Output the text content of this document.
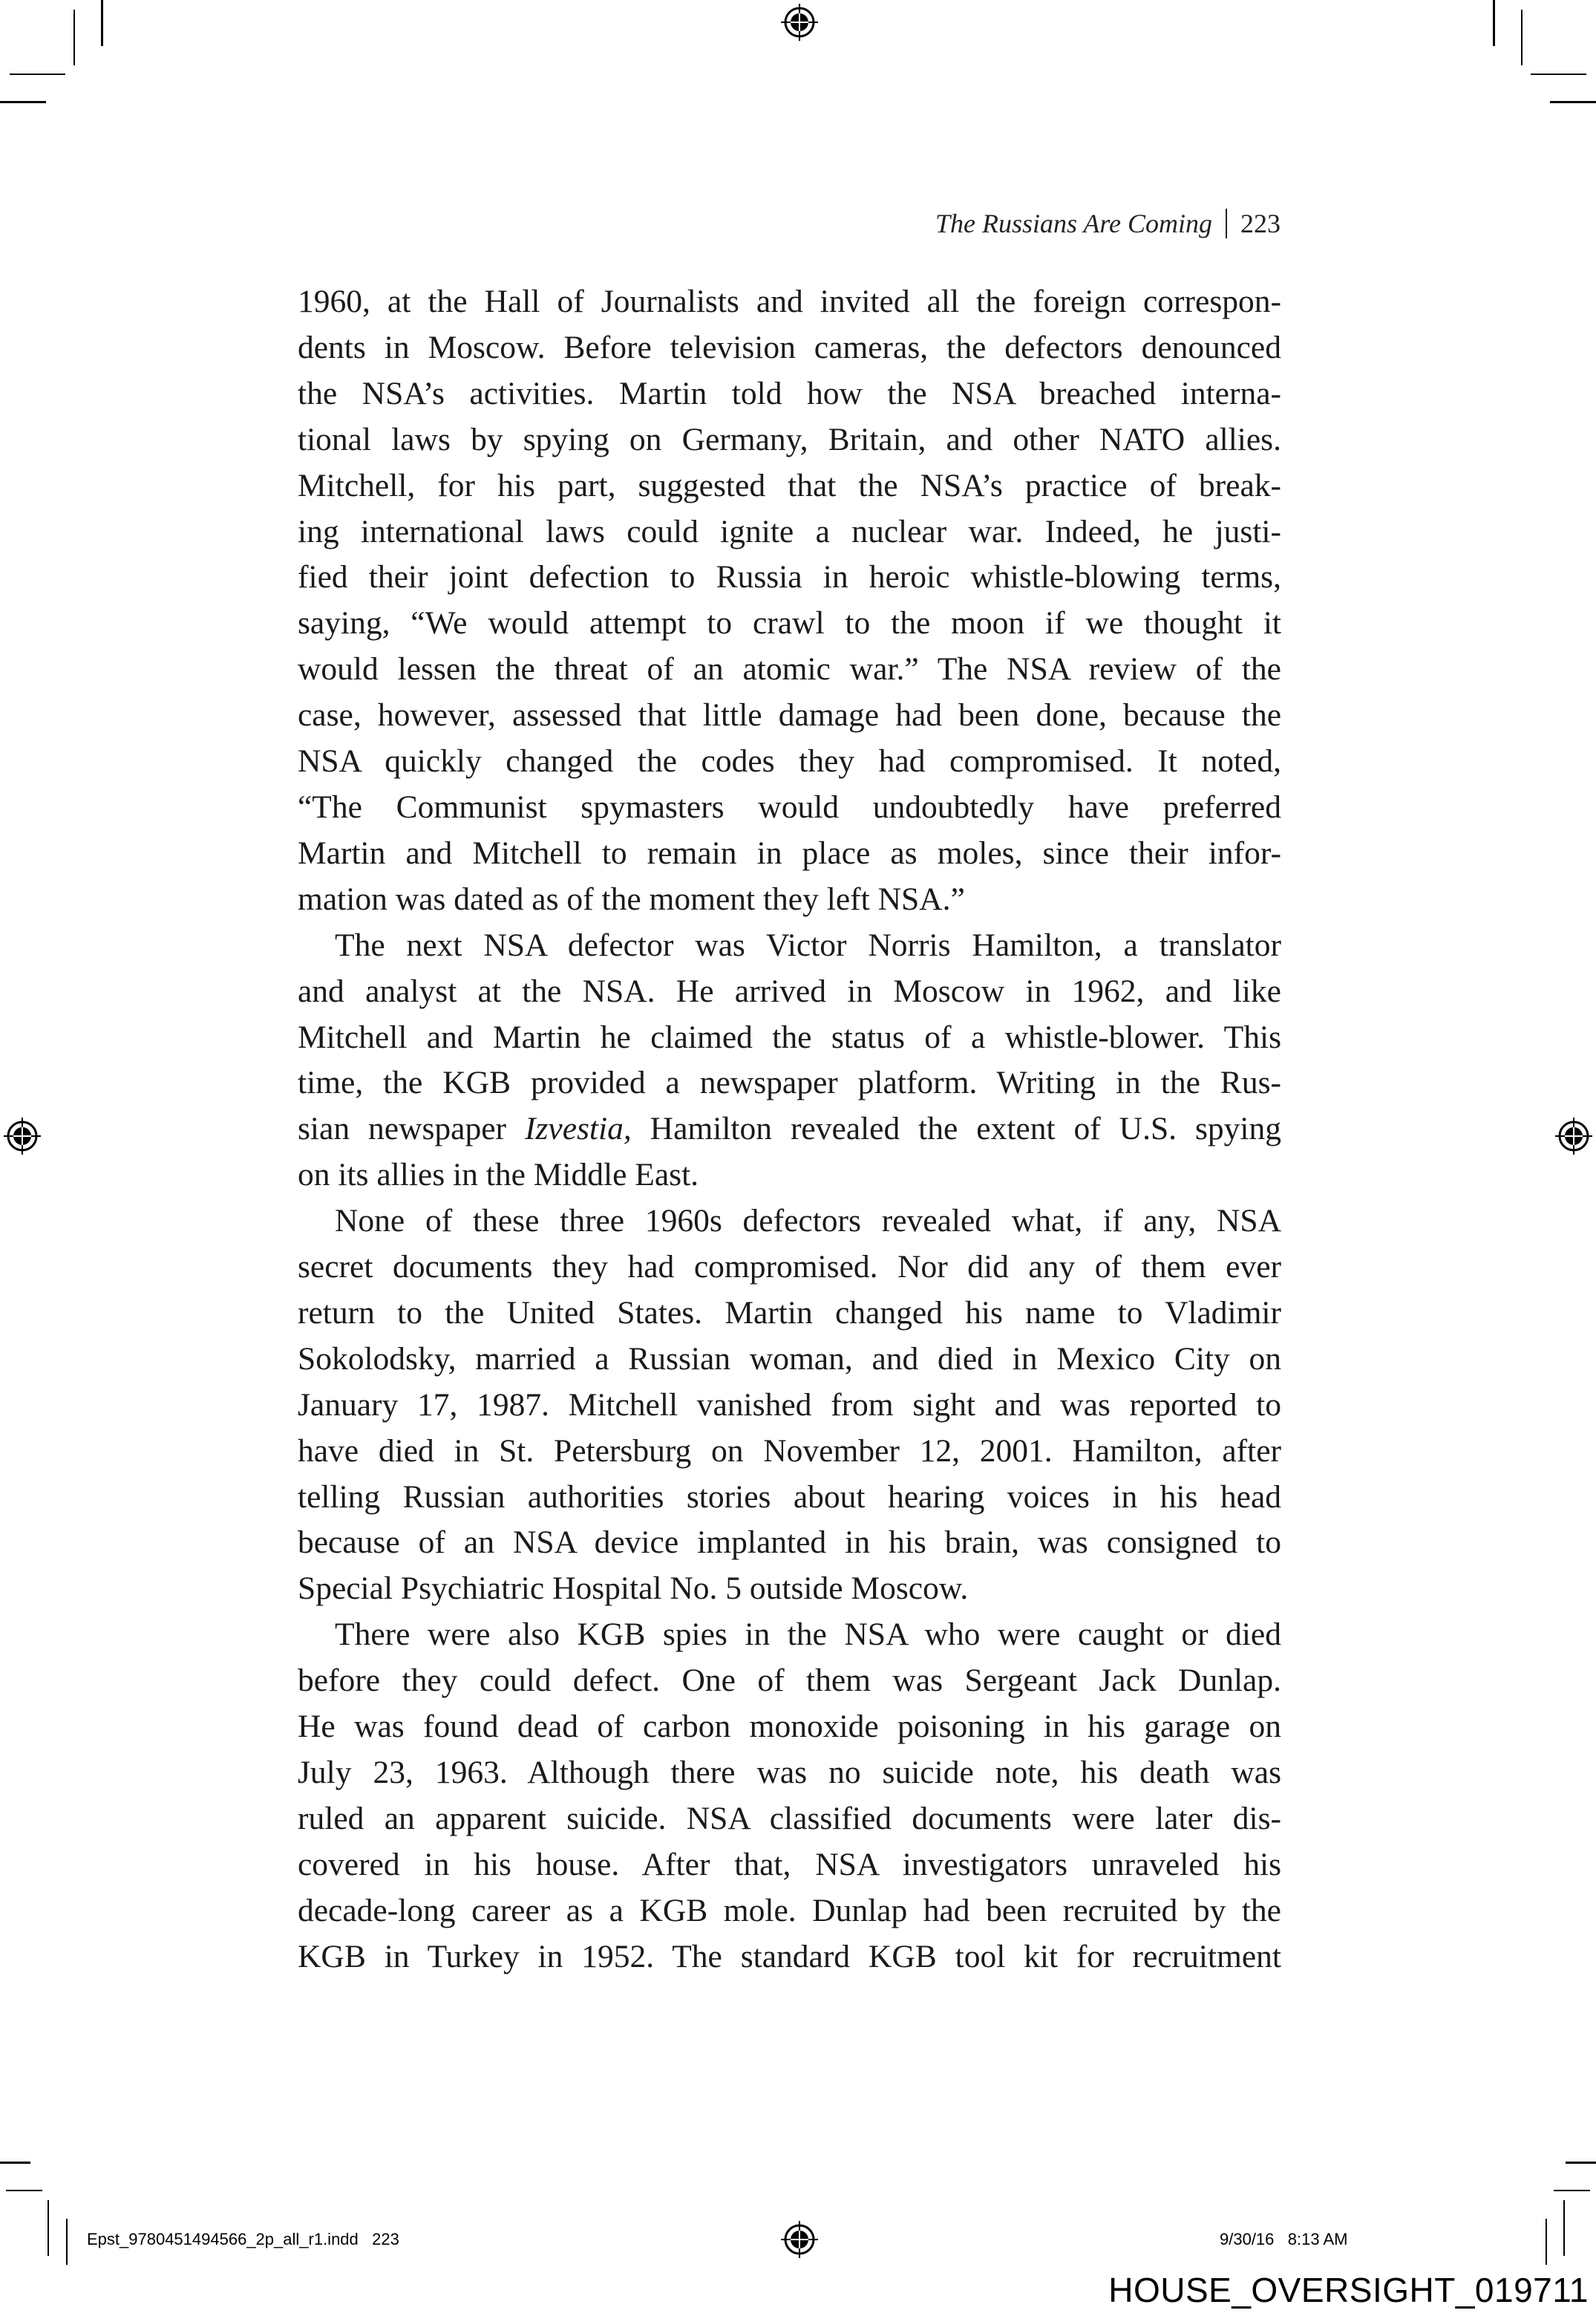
The Russians Are Coming 223

1960, at the Hall of Journalists and invited all the foreign correspon-
dents in Moscow. Before television cameras, the defectors denounced
the NSA’s activities. Martin told how the NSA breached interna-
tional laws by spying on Germany, Britain, and other NATO allies.
Mitchell, for his part, suggested that the NSA’s practice of break-
ing international laws could ignite a nuclear war. Indeed, he justi-
fied their joint defection to Russia in heroic whistle-blowing terms,
saying, “We would attempt to crawl to the moon if we thought it
would lessen the threat of an atomic war.” The NSA review of the
case, however, assessed that little damage had been done, because the
NSA quickly changed the codes they had compromised. It noted,
“The Communist spymasters would undoubtedly have preferred
Martin and Mitchell to remain in place as moles, since their infor-
mation was dated as of the moment they left NSA.”

The next NSA defector was Victor Norris Hamilton, a translator
and analyst at the NSA. He arrived in Moscow in 1962, and like
Mitchell and Martin he claimed the status of a whistle-blower. This
time, the KGB provided a newspaper platform. Writing in the Rus-
sian newspaper Izvestia, Hamilton revealed the extent of U.S. spying
on its allies in the Middle East.

None of these three 1960s defectors revealed what, if any, NSA
secret documents they had compromised. Nor did any of them ever
return to the United States. Martin changed his name to Vladimir
Sokolodsky, married a Russian woman, and died in Mexico City on
January 17, 1987. Mitchell vanished from sight and was reported to
have died in St. Petersburg on November 12, 2001. Hamilton, after
telling Russian authorities stories about hearing voices in his head
because of an NSA device implanted in his brain, was consigned to
Special Psychiatric Hospital No. 5 outside Moscow.

There were also KGB spies in the NSA who were caught or died
before they could defect. One of them was Sergeant Jack Dunlap.
He was found dead of carbon monoxide poisoning in his garage on
July 23, 1963. Although there was no suicide note, his death was
ruled an apparent suicide. NSA classified documents were later dis-
covered in his house. After that, NSA investigators unraveled his
decade-long career as a KGB mole. Dunlap had been recruited by the
KGB in Turkey in 1952. The standard KGB tool kit for recruitment

Epst_9780451494566_2p_all_r1.indd 223	9/30/16 8:13 AM
HOUSE_OVERSIGHT_019711
